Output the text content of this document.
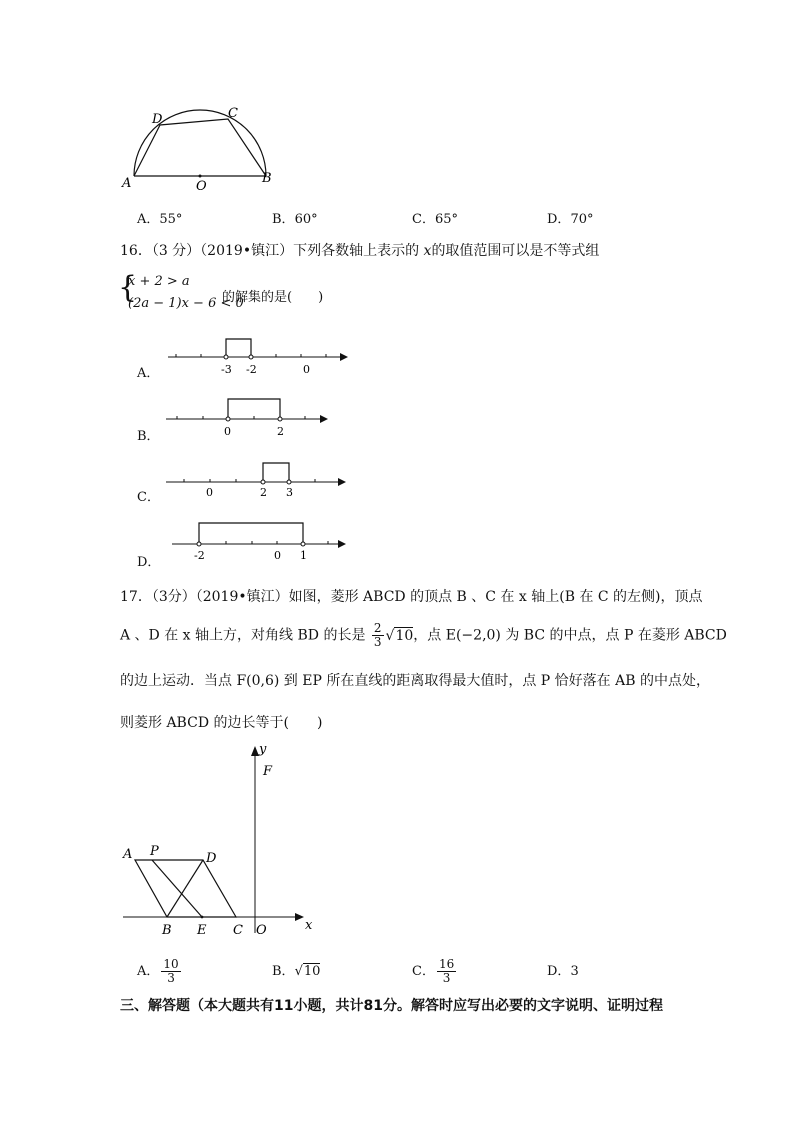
D	C
A	O
B
A．55°	B．60°	C．65°	D．70°
16．（3 分）（2019•镇江）下列各数轴上表示的 x的取值范围可以是不等式组
{
x + 2 > a
(2a − 1)x − 6 < 0
的解集的是(　　)
A．	-3 -2	0
B．	0	2
C．	0	2 3
D．	-2	0 1
17．（3分）（2019•镇江）如图，菱形 ABCD 的顶点 B 、C 在 x 轴上(B 在 C 的左侧)，顶点
A 、D 在 x 轴上方，对角线 BD 的长是 $\frac{2}{3} √10$，点 E(−2,0) 为 BC 的中点，点 P 在菱形 ABCD
的边上运动．当点 F(0,6) 到 EP 所在直线的距离取得最大值时，点 P 恰好落在 AB 的中点处，
则菱形 ABCD 的边长等于(　　)
y
F
A P	D
B E C O	x
A． $\frac{10}{3}$	B．√10	C． $\frac{16}{3}$	D．3
三、解答题（本大题共有11小题，共计81分。解答时应写出必要的文字说明、证明过程
